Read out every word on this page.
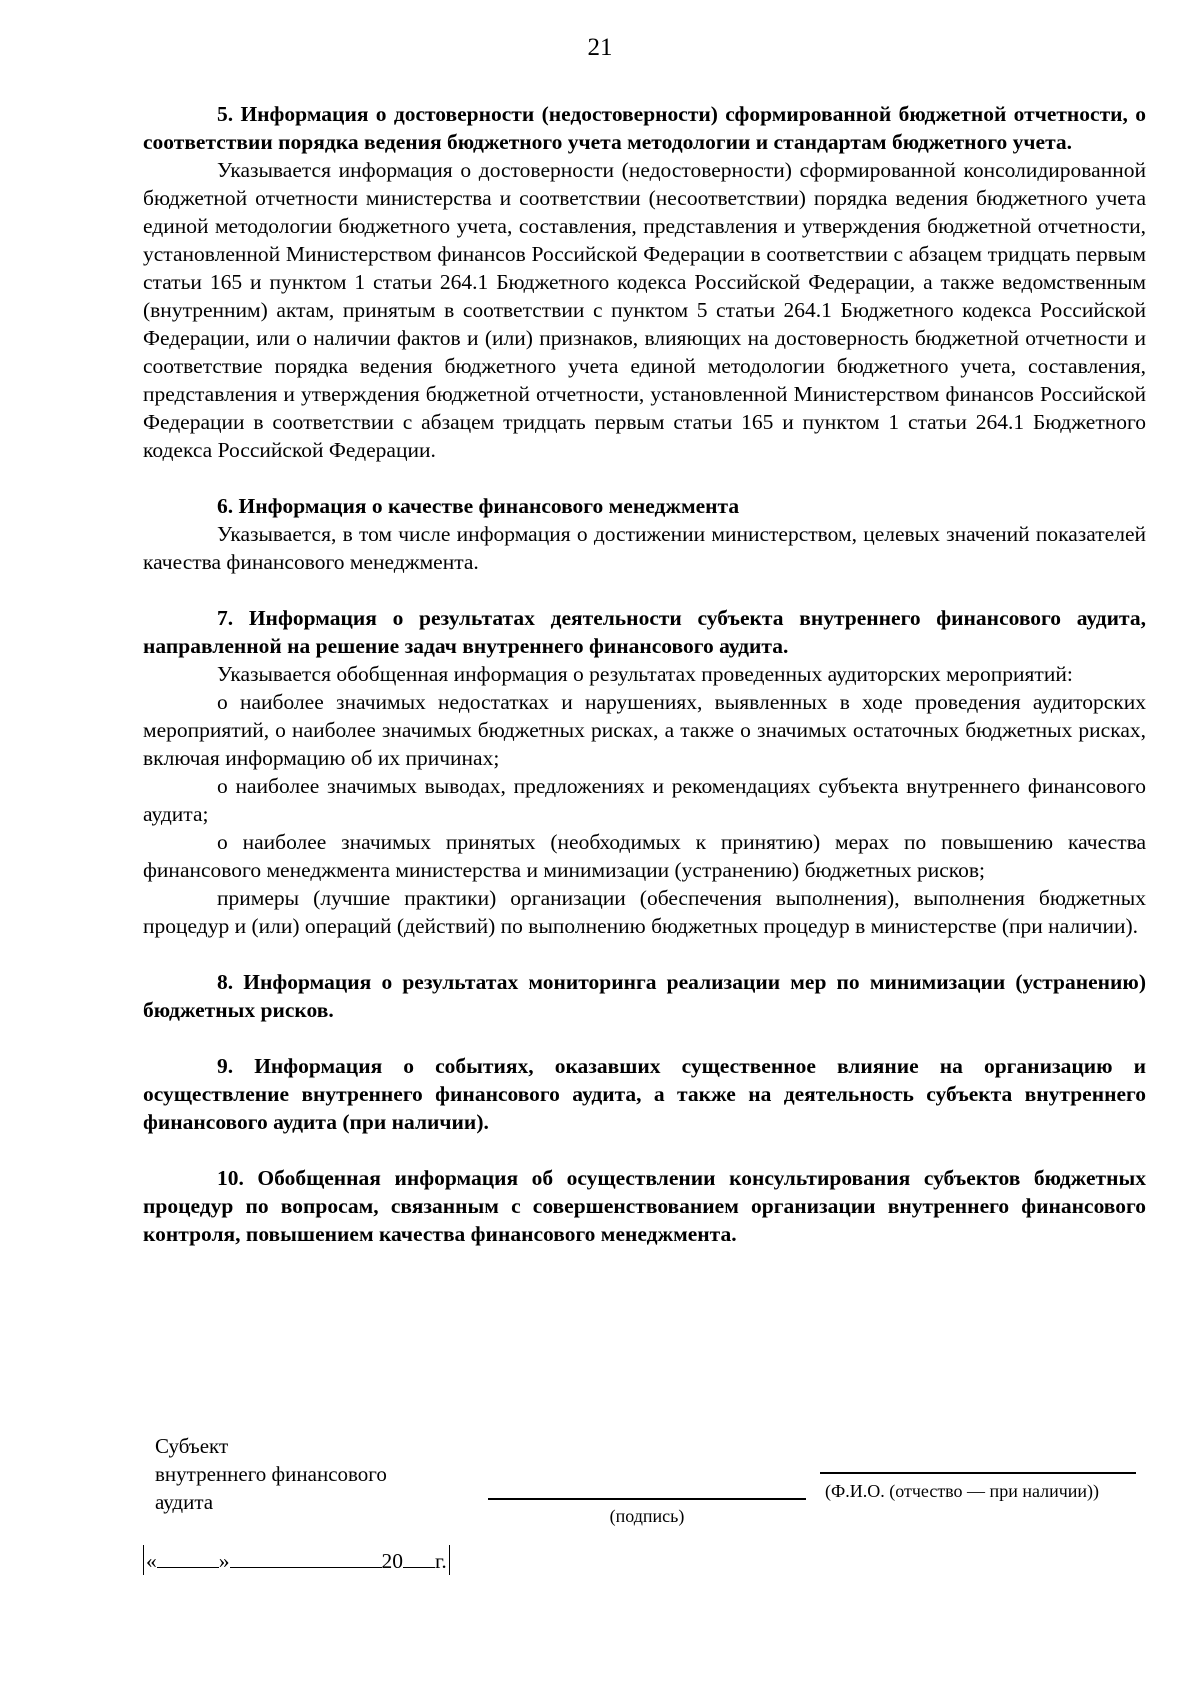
21
5. Информация о достоверности (недостоверности) сформированной бюджетной отчетности, о соответствии порядка ведения бюджетного учета методологии и стандартам бюджетного учета.

Указывается информация о достоверности (недостоверности) сформированной консолидированной бюджетной отчетности министерства и соответствии (несоответствии) порядка ведения бюджетного учета единой методологии бюджетного учета, составления, представления и утверждения бюджетной отчетности, установленной Министерством финансов Российской Федерации в соответствии с абзацем тридцать первым статьи 165 и пунктом 1 статьи 264.1 Бюджетного кодекса Российской Федерации, а также ведомственным (внутренним) актам, принятым в соответствии с пунктом 5 статьи 264.1 Бюджетного кодекса Российской Федерации, или о наличии фактов и (или) признаков, влияющих на достоверность бюджетной отчетности и соответствие порядка ведения бюджетного учета единой методологии бюджетного учета, составления, представления и утверждения бюджетной отчетности, установленной Министерством финансов Российской Федерации в соответствии с абзацем тридцать первым статьи 165 и пунктом 1 статьи 264.1 Бюджетного кодекса Российской Федерации.

6. Информация о качестве финансового менеджмента

Указывается, в том числе информация о достижении министерством, целевых значений показателей качества финансового менеджмента.

7. Информация о результатах деятельности субъекта внутреннего финансового аудита, направленной на решение задач внутреннего финансового аудита.

Указывается обобщенная информация о результатах проведенных аудиторских мероприятий:

о наиболее значимых недостатках и нарушениях, выявленных в ходе проведения аудиторских мероприятий, о наиболее значимых бюджетных рисках, а также о значимых остаточных бюджетных рисках, включая информацию об их причинах;

о наиболее значимых выводах, предложениях и рекомендациях субъекта внутреннего финансового аудита;

о наиболее значимых принятых (необходимых к принятию) мерах по повышению качества финансового менеджмента министерства и минимизации (устранению) бюджетных рисков;

примеры (лучшие практики) организации (обеспечения выполнения), выполнения бюджетных процедур и (или) операций (действий) по выполнению бюджетных процедур в министерстве (при наличии).

8. Информация о результатах мониторинга реализации мер по минимизации (устранению) бюджетных рисков.
9. Информация о событиях, оказавших существенное влияние на организацию и осуществление внутреннего финансового аудита, а также на деятельность субъекта внутреннего финансового аудита (при наличии).
10. Обобщенная информация об осуществлении консультирования субъектов бюджетных процедур по вопросам, связанным с совершенствованием организации внутреннего финансового контроля, повышением качества финансового менеджмента.
Субъект
внутреннего финансового
аудита
(подпись)
(Ф.И.О. (отчество — при наличии))
«	»	20 г.
